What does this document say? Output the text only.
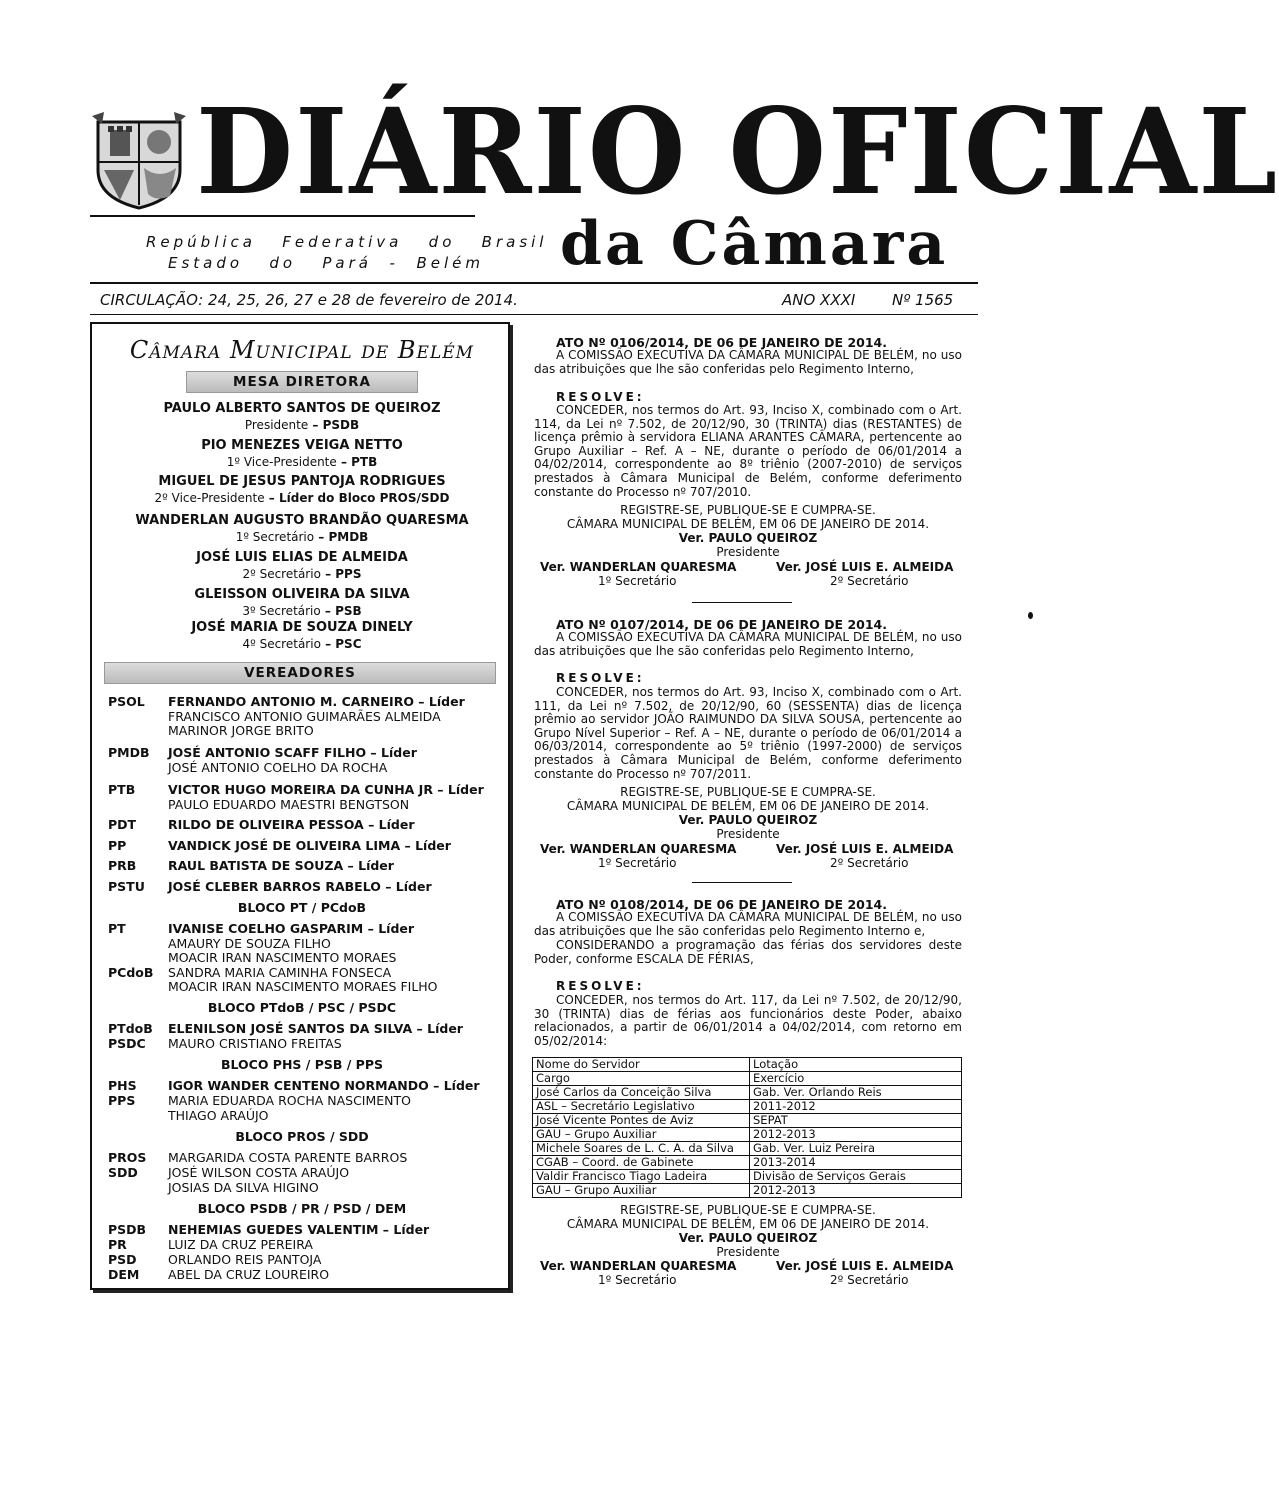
DIÁRIO OFICIAL
da Câmara
República   Federativa   do   Brasil
Estado   do   Pará  -  Belém
CIRCULAÇÃO: 24, 25, 26, 27 e 28 de fevereiro de 2014.	ANO XXXI Nº 1565
Câmara Municipal de Belém
MESA DIRETORA
PAULO ALBERTO SANTOS DE QUEIROZ
Presidente – PSDB
PIO MENEZES VEIGA NETTO
1º Vice-Presidente – PTB
MIGUEL DE JESUS PANTOJA RODRIGUES
2º Vice-Presidente – Líder do Bloco PROS/SDD
WANDERLAN AUGUSTO BRANDÃO QUARESMA
1º Secretário – PMDB
JOSÉ LUIS ELIAS DE ALMEIDA
2º Secretário – PPS
GLEISSON OLIVEIRA DA SILVA
3º Secretário – PSB
JOSÉ MARIA DE SOUZA DINELY
4º Secretário – PSC
VEREADORES
PSOL FERNANDO ANTONIO M. CARNEIRO – Líder
FRANCISCO ANTONIO GUIMARÃES ALMEIDA
MARINOR JORGE BRITO
PMDB JOSÉ ANTONIO SCAFF FILHO – Líder
JOSÉ ANTONIO COELHO DA ROCHA
PTB	VICTOR HUGO MOREIRA DA CUNHA JR – Líder
PAULO EDUARDO MAESTRI BENGTSON
PDT	RILDO DE OLIVEIRA PESSOA – Líder
PP	VANDICK JOSÉ DE OLIVEIRA LIMA – Líder
PRB	RAUL BATISTA DE SOUZA – Líder
PSTU JOSÉ CLEBER BARROS RABELO – Líder
BLOCO PT / PCdoB
PT	IVANISE COELHO GASPARIM – Líder
AMAURY DE SOUZA FILHO
MOACIR IRAN NASCIMENTO MORAES
PCdoB SANDRA MARIA CAMINHA FONSECA
MOACIR IRAN NASCIMENTO MORAES FILHO
BLOCO PTdoB / PSC / PSDC
PTdoB ELENILSON JOSÉ SANTOS DA SILVA – Líder
PSDC MAURO CRISTIANO FREITAS
BLOCO PHS / PSB / PPS
PHS	IGOR WANDER CENTENO NORMANDO – Líder
PPS	MARIA EDUARDA ROCHA NASCIMENTO
THIAGO ARAÚJO
BLOCO PROS / SDD
PROS MARGARIDA COSTA PARENTE BARROS
SDD JOSÉ WILSON COSTA ARAÚJO
JOSIAS DA SILVA HIGINO
BLOCO PSDB / PR / PSD / DEM
PSDB NEHEMIAS GUEDES VALENTIM – Líder
PR	LUIZ DA CRUZ PEREIRA
PSD	ORLANDO REIS PANTOJA
DEM ABEL DA CRUZ LOUREIRO
ATO Nº 0106/2014, DE 06 DE JANEIRO DE 2014.
A COMISSÃO EXECUTIVA DA CÂMARA MUNICIPAL DE BELÉM, no uso das atribuições que lhe são conferidas pelo Regimento Interno,
RESOLVE:
CONCEDER, nos termos do Art. 93, Inciso X, combinado com o Art. 114, da Lei nº 7.502, de 20/12/90, 30 (TRINTA) dias (RESTANTES) de licença prêmio à servidora ELIANA ARANTES CÂMARA, pertencente ao Grupo Auxiliar – Ref. A – NE, durante o período de 06/01/2014 a 04/02/2014, correspondente ao 8º triênio (2007-2010) de serviços prestados à Câmara Municipal de Belém, conforme deferimento constante do Processo nº 707/2010.
REGISTRE-SE, PUBLIQUE-SE E CUMPRA-SE.
CÂMARA MUNICIPAL DE BELÉM, EM 06 DE JANEIRO DE 2014.
Ver. PAULO QUEIROZ
Presidente
Ver. WANDERLAN QUARESMA
1º Secretário
Ver. JOSÉ LUIS E. ALMEIDA
2º Secretário
ATO Nº 0107/2014, DE 06 DE JANEIRO DE 2014.
A COMISSÃO EXECUTIVA DA CÂMARA MUNICIPAL DE BELÉM, no uso das atribuições que lhe são conferidas pelo Regimento Interno,
RESOLVE:
CONCEDER, nos termos do Art. 93, Inciso X, combinado com o Art. 111, da Lei nº 7.502, de 20/12/90, 60 (SESSENTA) dias de licença prêmio ao servidor JOÃO RAIMUNDO DA SILVA SOUSA, pertencente ao Grupo Nível Superior – Ref. A – NE, durante o período de 06/01/2014 a 06/03/2014, correspondente ao 5º triênio (1997-2000) de serviços prestados à Câmara Municipal de Belém, conforme deferimento constante do Processo nº 707/2011.
REGISTRE-SE, PUBLIQUE-SE E CUMPRA-SE.
CÂMARA MUNICIPAL DE BELÉM, EM 06 DE JANEIRO DE 2014.
Ver. PAULO QUEIROZ
Presidente
Ver. WANDERLAN QUARESMA
1º Secretário
Ver. JOSÉ LUIS E. ALMEIDA
2º Secretário
ATO Nº 0108/2014, DE 06 DE JANEIRO DE 2014.
A COMISSÃO EXECUTIVA DA CÂMARA MUNICIPAL DE BELÉM, no uso das atribuições que lhe são conferidas pelo Regimento Interno e,
CONSIDERANDO a programação das férias dos servidores deste Poder, conforme ESCALA DE FÉRIAS,
RESOLVE:
CONCEDER, nos termos do Art. 117, da Lei nº 7.502, de 20/12/90, 30 (TRINTA) dias de férias aos funcionários deste Poder, abaixo relacionados, a partir de 06/01/2014 a 04/02/2014, com retorno em 05/02/2014:
Nome do Servidor	Lotação
Cargo	Exercício
José Carlos da Conceição Silva	Gab. Ver. Orlando Reis
ASL – Secretário Legislativo	2011-2012
José Vicente Pontes de Aviz	SEPAT
GAU – Grupo Auxiliar	2012-2013
Michele Soares de L. C. A. da Silva	Gab. Ver. Luiz Pereira
CGAB – Coord. de Gabinete	2013-2014
Valdir Francisco Tiago Ladeira	Divisão de Serviços Gerais
GAU – Grupo Auxiliar	2012-2013
REGISTRE-SE, PUBLIQUE-SE E CUMPRA-SE.
CÂMARA MUNICIPAL DE BELÉM, EM 06 DE JANEIRO DE 2014.
Ver. PAULO QUEIROZ
Presidente
Ver. WANDERLAN QUARESMA
1º Secretário
Ver. JOSÉ LUIS E. ALMEIDA
2º Secretário
